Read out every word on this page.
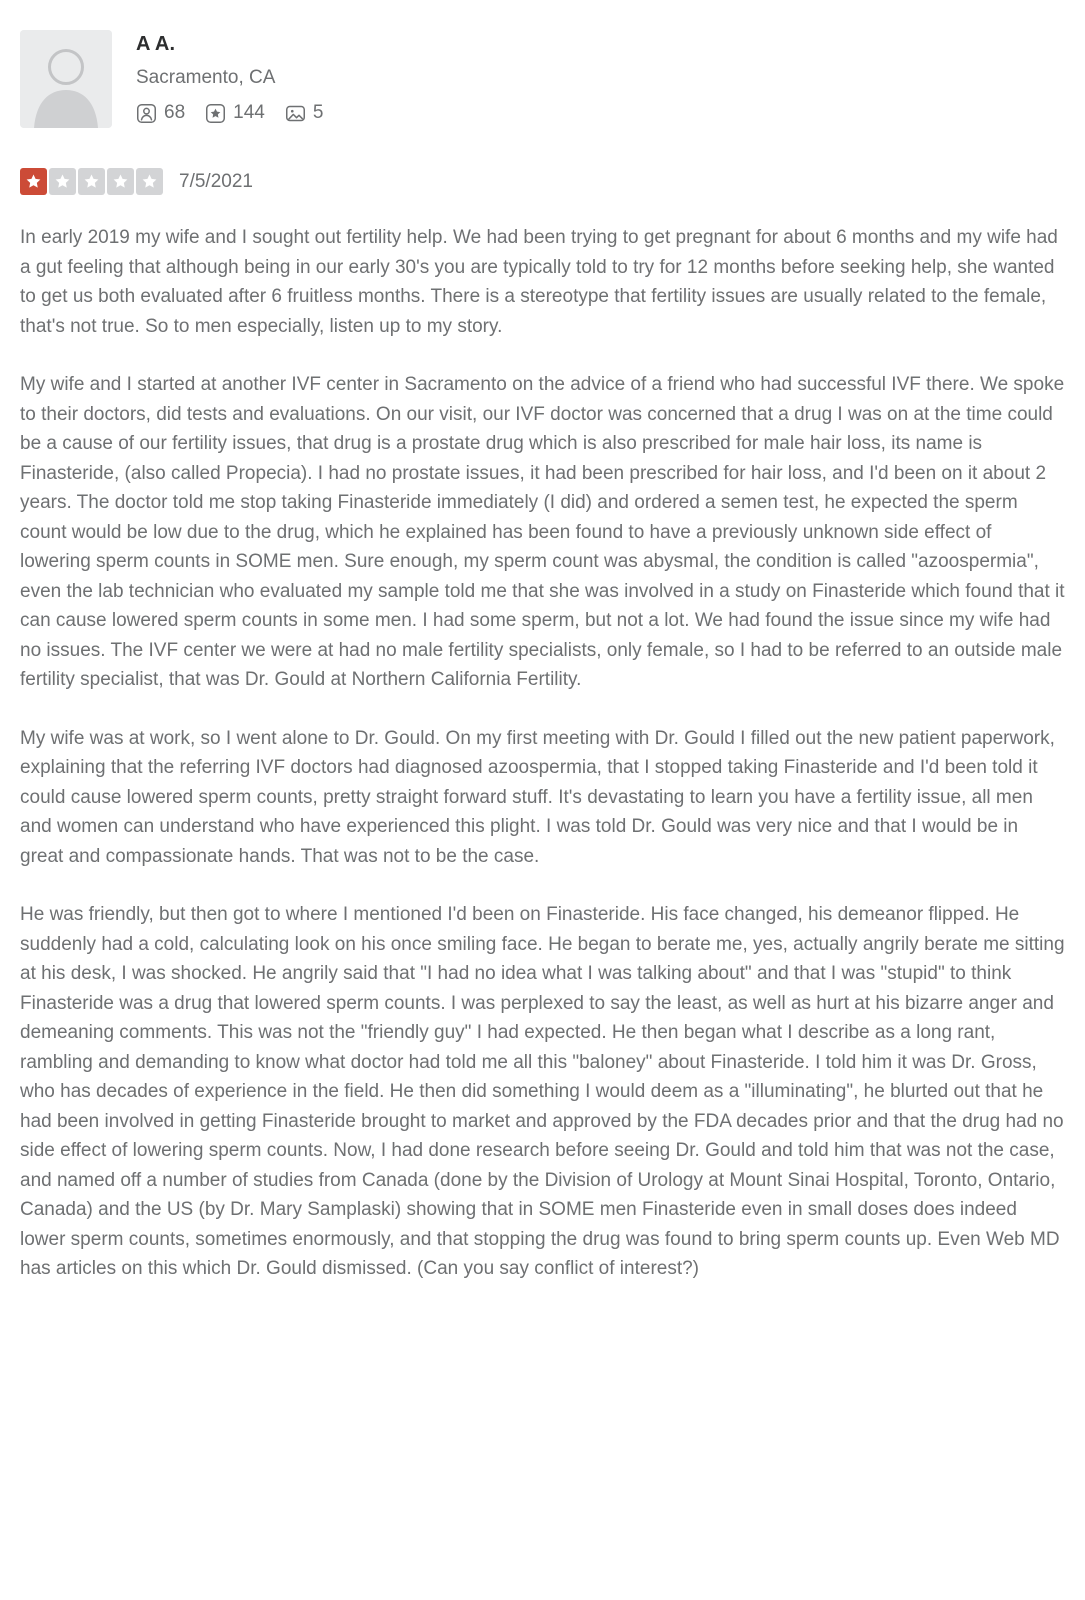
A A.
Sacramento, CA
68	144	5
7/5/2021

In early 2019 my wife and I sought out fertility help. We had been trying to get pregnant for about 6 months and my wife had a gut feeling that although being in our early 30's you are typically told to try for 12 months before seeking help, she wanted to get us both evaluated after 6 fruitless months. There is a stereotype that fertility issues are usually related to the female, that's not true. So to men especially, listen up to my story.

My wife and I started at another IVF center in Sacramento on the advice of a friend who had successful IVF there. We spoke to their doctors, did tests and evaluations. On our visit, our IVF doctor was concerned that a drug I was on at the time could be a cause of our fertility issues, that drug is a prostate drug which is also prescribed for male hair loss, its name is Finasteride, (also called Propecia). I had no prostate issues, it had been prescribed for hair loss, and I'd been on it about 2 years. The doctor told me stop taking Finasteride immediately (I did) and ordered a semen test, he expected the sperm count would be low due to the drug, which he explained has been found to have a previously unknown side effect of lowering sperm counts in SOME men. Sure enough, my sperm count was abysmal, the condition is called "azoospermia", even the lab technician who evaluated my sample told me that she was involved in a study on Finasteride which found that it can cause lowered sperm counts in some men. I had some sperm, but not a lot. We had found the issue since my wife had no issues. The IVF center we were at had no male fertility specialists, only female, so I had to be referred to an outside male fertility specialist, that was Dr. Gould at Northern California Fertility.

My wife was at work, so I went alone to Dr. Gould. On my first meeting with Dr. Gould I filled out the new patient paperwork, explaining that the referring IVF doctors had diagnosed azoospermia, that I stopped taking Finasteride and I'd been told it could cause lowered sperm counts, pretty straight forward stuff. It's devastating to learn you have a fertility issue, all men and women can understand who have experienced this plight. I was told Dr. Gould was very nice and that I would be in great and compassionate hands. That was not to be the case.

He was friendly, but then got to where I mentioned I'd been on Finasteride. His face changed, his demeanor flipped. He suddenly had a cold, calculating look on his once smiling face. He began to berate me, yes, actually angrily berate me sitting at his desk, I was shocked. He angrily said that "I had no idea what I was talking about" and that I was "stupid" to think Finasteride was a drug that lowered sperm counts. I was perplexed to say the least, as well as hurt at his bizarre anger and demeaning comments. This was not the "friendly guy" I had expected. He then began what I describe as a long rant, rambling and demanding to know what doctor had told me all this "baloney" about Finasteride. I told him it was Dr. Gross, who has decades of experience in the field. He then did something I would deem as a "illuminating", he blurted out that he had been involved in getting Finasteride brought to market and approved by the FDA decades prior and that the drug had no side effect of lowering sperm counts. Now, I had done research before seeing Dr. Gould and told him that was not the case, and named off a number of studies from Canada (done by the Division of Urology at Mount Sinai Hospital, Toronto, Ontario, Canada) and the US (by Dr. Mary Samplaski) showing that in SOME men Finasteride even in small doses does indeed lower sperm counts, sometimes enormously, and that stopping the drug was found to bring sperm counts up. Even Web MD has articles on this which Dr. Gould dismissed. (Can you say conflict of interest?)
